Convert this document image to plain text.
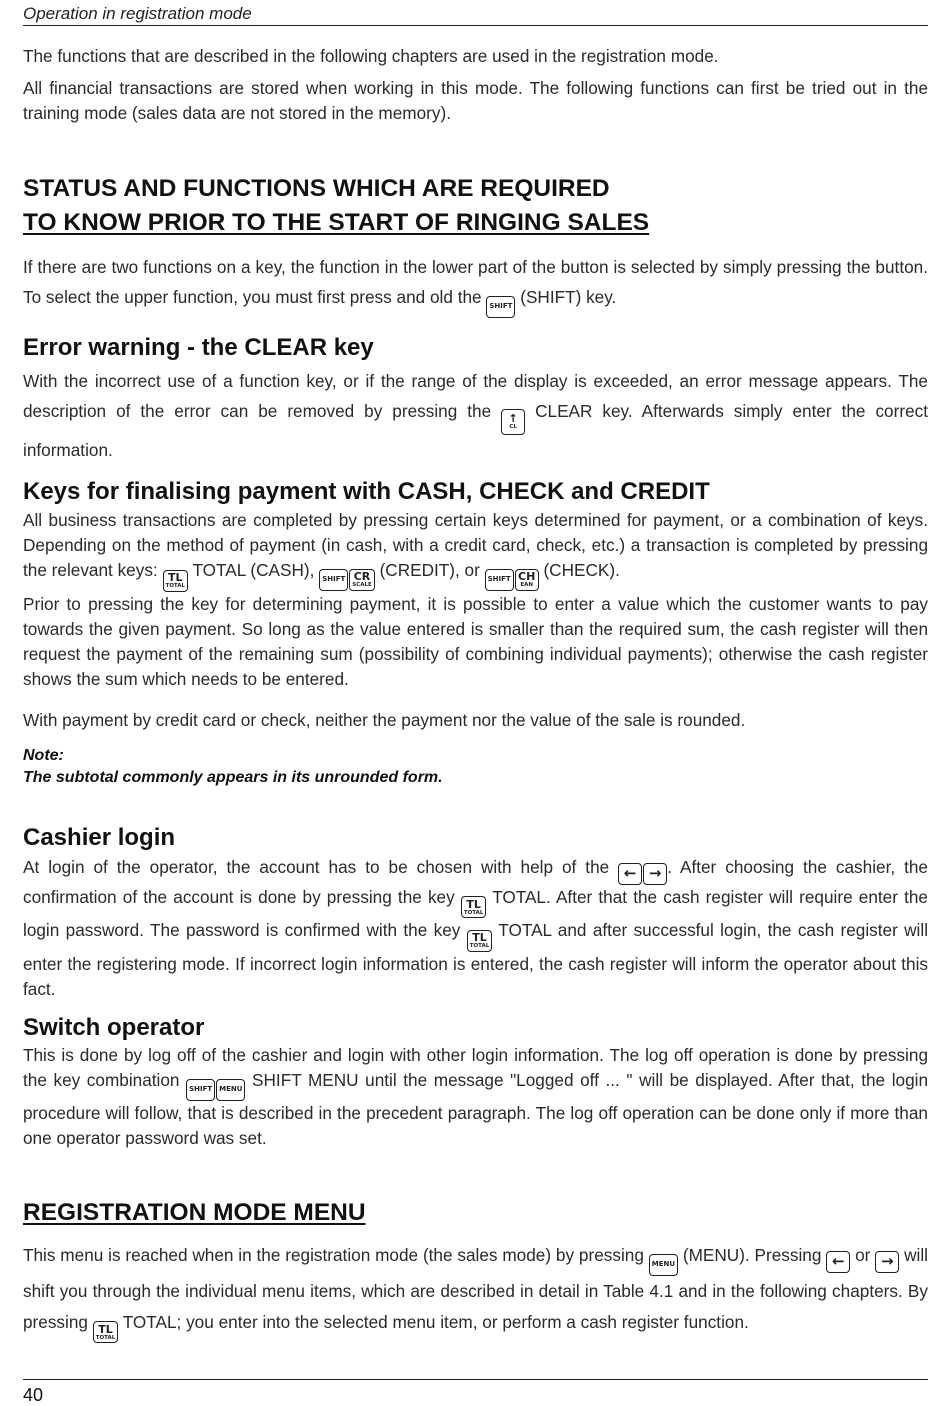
Operation in registration mode
The functions that are described in the following chapters are used in the registration mode.
All financial transactions are stored when working in this mode. The following functions can first be tried out in the training mode (sales data are not stored in the memory).
STATUS AND FUNCTIONS WHICH ARE REQUIRED
TO KNOW PRIOR TO THE START OF RINGING SALES
If there are two functions on a key, the function in the lower part of the button is selected by simply pressing the button. To select the upper function, you must first press and old the SHIFT (SHIFT) key.
Error warning - the CLEAR key
With the incorrect use of a function key, or if the range of the display is exceeded, an error message appears. The description of the error can be removed by pressing the ↑
CL
CLEAR key. Afterwards simply enter the correct information.
Keys for finalising payment with CASH, CHECK and CREDIT
All business transactions are completed by pressing certain keys determined for payment, or a combination of keys. Depending on the method of payment (in cash, with a credit card, check, etc.) a transaction is completed by pressing the relevant keys: TL
TOTAL
TOTAL (CASH), SHIFT CR
SCALE
(CREDIT), or SHIFT CH
EAN
(CHECK).
Prior to pressing the key for determining payment, it is possible to enter a value which the customer wants to pay towards the given payment. So long as the value entered is smaller than the required sum, the cash register will then request the payment of the remaining sum (possibility of combining individual payments); otherwise the cash register shows the sum which needs to be entered.
With payment by credit card or check, neither the payment nor the value of the sale is rounded.
Note:
The subtotal commonly appears in its unrounded form.
Cashier login
At login of the operator, the account has to be chosen with help of the ← → . After choosing the cashier, the confirmation of the account is done by pressing the key TL
TOTAL
TOTAL. After that the cash register will require enter the login password. The password is confirmed with the key TL
TOTAL
TOTAL and after successful login, the cash register will enter the registering mode. If incorrect login information is entered, the cash register will inform the operator about this fact.
Switch operator
This is done by log off of the cashier and login with other login information. The log off operation is done by pressing the key combination SHIFT MENU SHIFT MENU until the message "Logged off ... " will be displayed. After that, the login procedure will follow, that is described in the precedent paragraph. The log off operation can be done only if more than one operator password was set.
REGISTRATION MODE MENU
This menu is reached when in the registration mode (the sales mode) by pressing MENU (MENU). Pressing ← or → will shift you through the individual menu items, which are described in detail in Table 4.1 and in the following chapters. By pressing TL
TOTAL
TOTAL; you enter into the selected menu item, or perform a cash register function.
40
